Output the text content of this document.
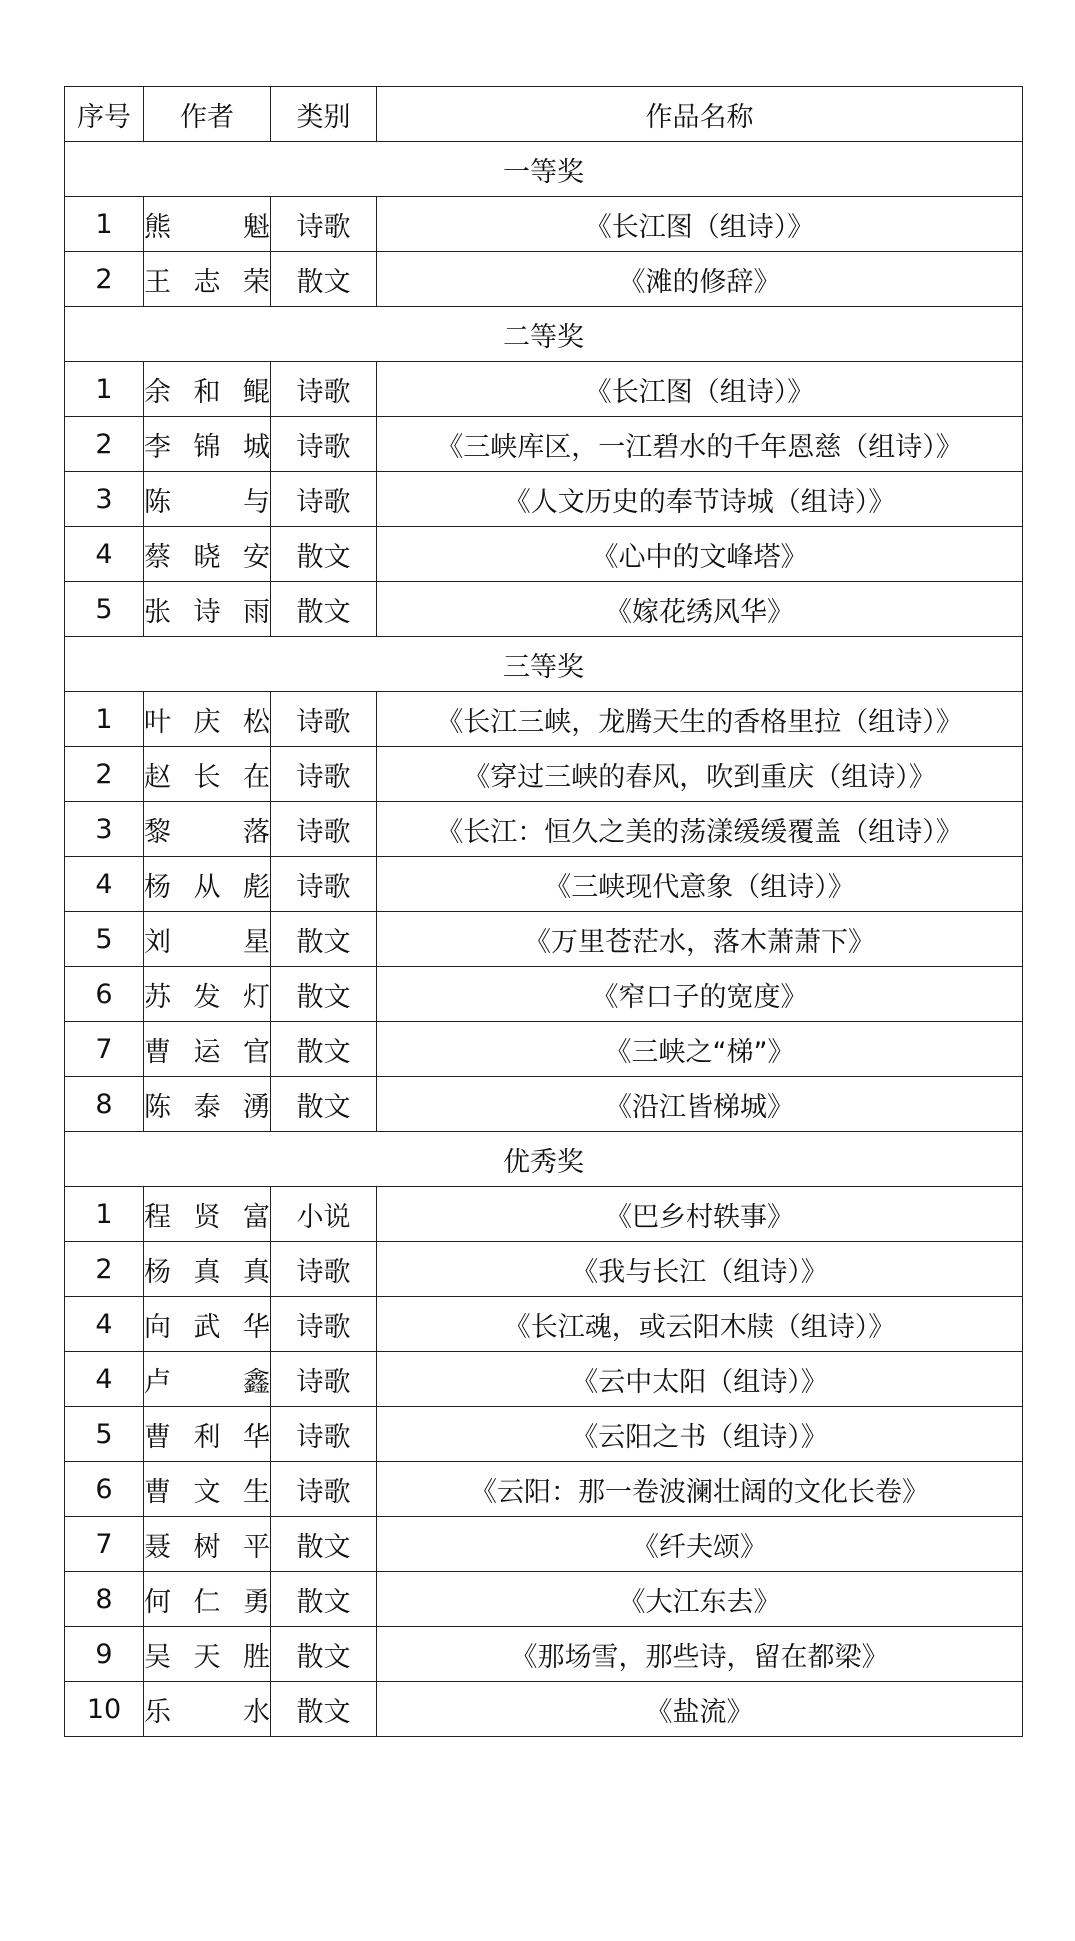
序号	作者	类别	作品名称
一等奖			
1	熊 魁	诗歌	《长江图（组诗）》
2	王志荣	散文	《滩的修辞》
二等奖			
1	余和鲲	诗歌	《长江图（组诗）》
2	李锦城	诗歌	《三峡库区，一江碧水的千年恩慈（组诗）》
3	陈 与	诗歌	《人文历史的奉节诗城（组诗）》
4	蔡晓安	散文	《心中的文峰塔》
5	张诗雨	散文	《嫁花绣风华》
三等奖			
1	叶庆松	诗歌	《长江三峡，龙腾天生的香格里拉（组诗）》
2	赵长在	诗歌	《穿过三峡的春风，吹到重庆（组诗）》
3	黎 落	诗歌	《长江：恒久之美的荡漾缓缓覆盖（组诗）》
4	杨从彪	诗歌	《三峡现代意象（组诗）》
5	刘 星	散文	《万里苍茫水，落木萧萧下》
6	苏发灯	散文	《窄口子的宽度》
7	曹运官	散文	《三峡之“梯”》
8	陈泰湧	散文	《沿江皆梯城》
优秀奖			
1	程贤富	小说	《巴乡村轶事》
2	杨真真	诗歌	《我与长江（组诗）》
4	向武华	诗歌	《长江魂，或云阳木牍（组诗）》
4	卢 鑫	诗歌	《云中太阳（组诗）》
5	曹利华	诗歌	《云阳之书（组诗）》
6	曹文生	诗歌	《云阳：那一卷波澜壮阔的文化长卷》
7	聂树平	散文	《纤夫颂》
8	何仁勇	散文	《大江东去》
9	吴天胜	散文	《那场雪，那些诗，留在都梁》
10	乐 水	散文	《盐流》
